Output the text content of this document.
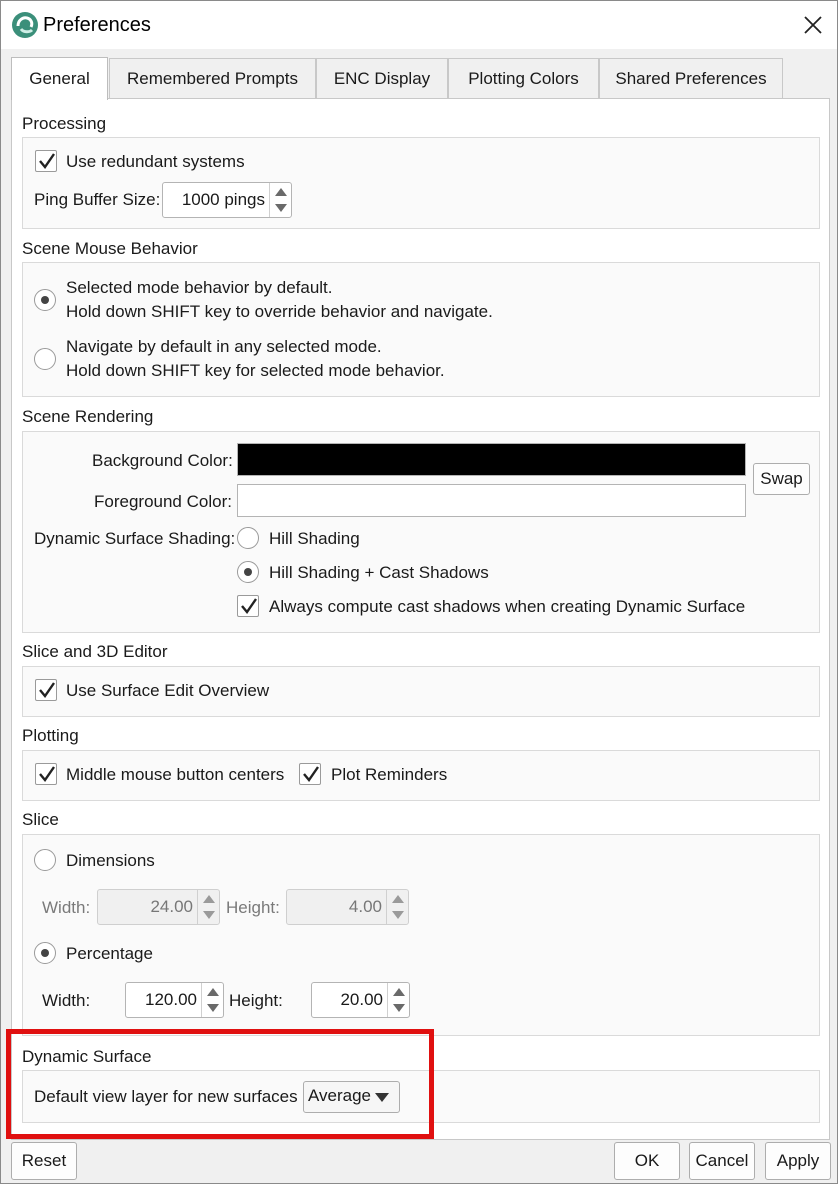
Preferences
General	Remembered Prompts	ENC Display	Plotting Colors	Shared Preferences
Processing
Use redundant systems
Ping Buffer Size: 1000 pings
Scene Mouse Behavior
Selected mode behavior by default.
Hold down SHIFT key to override behavior and navigate.
Navigate by default in any selected mode.
Hold down SHIFT key for selected mode behavior.
Scene Rendering
Background Color:
Foreground Color:
Swap
Dynamic Surface Shading: Hill Shading
Hill Shading + Cast Shadows
Always compute cast shadows when creating Dynamic Surface
Slice and 3D Editor
Use Surface Edit Overview
Plotting
Middle mouse button centers	Plot Reminders
Slice
Dimensions
Width:	24.00 Height:	4.00
Percentage
Width:	120.00 Height:	20.00
Dynamic Surface
Default view layer for new surfaces Average
Reset	OK	Cancel	Apply
